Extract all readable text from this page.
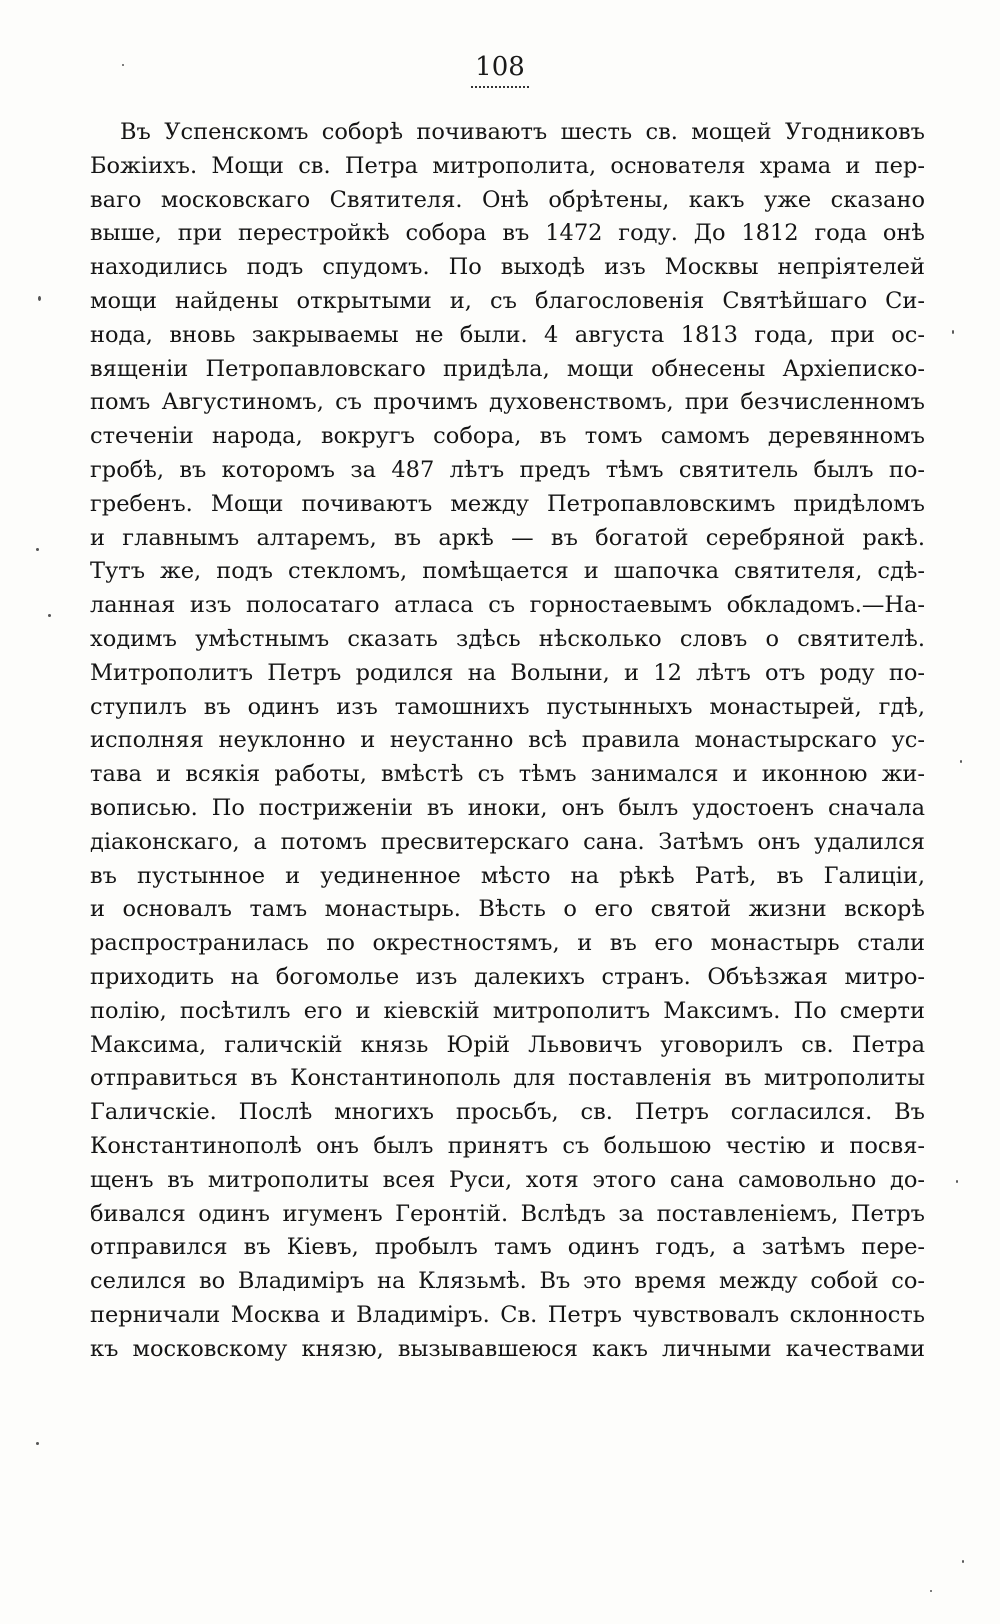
108
Въ Успенскомъ соборѣ почиваютъ шесть св. мощей Угодниковъ
Божіихъ. Мощи св. Петра митрополита, основателя храма и пер-
ваго московскаго Святителя. Онѣ обрѣтены, какъ уже сказано
выше, при перестройкѣ собора въ 1472 году. До 1812 года онѣ
находились подъ спудомъ. По выходѣ изъ Москвы непріятелей
мощи найдены открытыми и, съ благословенія Святѣйшаго Си-
нода, вновь закрываемы не были. 4 августа 1813 года, при ос-
вященіи Петропавловскаго придѣла, мощи обнесены Архіеписко-
помъ Августиномъ, съ прочимъ духовенствомъ, при безчисленномъ
стеченіи народа, вокругъ собора, въ томъ самомъ деревянномъ
гробѣ, въ которомъ за 487 лѣтъ предъ тѣмъ святитель былъ по-
гребенъ. Мощи почиваютъ между Петропавловскимъ придѣломъ
и главнымъ алтаремъ, въ аркѣ — въ богатой серебряной ракѣ.
Тутъ же, подъ стекломъ, помѣщается и шапочка святителя, сдѣ-
ланная изъ полосатаго атласа съ горностаевымъ обкладомъ.—На-
ходимъ умѣстнымъ сказать здѣсь нѣсколько словъ о святителѣ.
Митрополитъ Петръ родился на Волыни, и 12 лѣтъ отъ роду по-
ступилъ въ одинъ изъ тамошнихъ пустынныхъ монастырей, гдѣ,
исполняя неуклонно и неустанно всѣ правила монастырскаго ус-
тава и всякія работы, вмѣстѣ съ тѣмъ занимался и иконною жи-
вописью. По постриженіи въ иноки, онъ былъ удостоенъ сначала
діаконскаго, а потомъ пресвитерскаго сана. Затѣмъ онъ удалился
въ пустынное и уединенное мѣсто на рѣкѣ Ратѣ, въ Галиціи,
и основалъ тамъ монастырь. Вѣсть о его святой жизни вскорѣ
распространилась по окрестностямъ, и въ его монастырь стали
приходить на богомолье изъ далекихъ странъ. Объѣзжая митро-
полію, посѣтилъ его и кіевскій митрополитъ Максимъ. По смерти
Максима, галичскій князь Юрій Львовичъ уговорилъ св. Петра
отправиться въ Константинополь для поставленія въ митрополиты
Галичскіе. Послѣ многихъ просьбъ, св. Петръ согласился. Въ
Константинополѣ онъ былъ принятъ съ большою честію и посвя-
щенъ въ митрополиты всея Руси, хотя этого сана самовольно до-
бивался одинъ игуменъ Геронтій. Вслѣдъ за поставленіемъ, Петръ
отправился въ Кіевъ, пробылъ тамъ одинъ годъ, а затѣмъ пере-
селился во Владиміръ на Клязьмѣ. Въ это время между собой со-
перничали Москва и Владиміръ. Св. Петръ чувствовалъ склонность
къ московскому князю, вызывавшеюся какъ личными качествами
